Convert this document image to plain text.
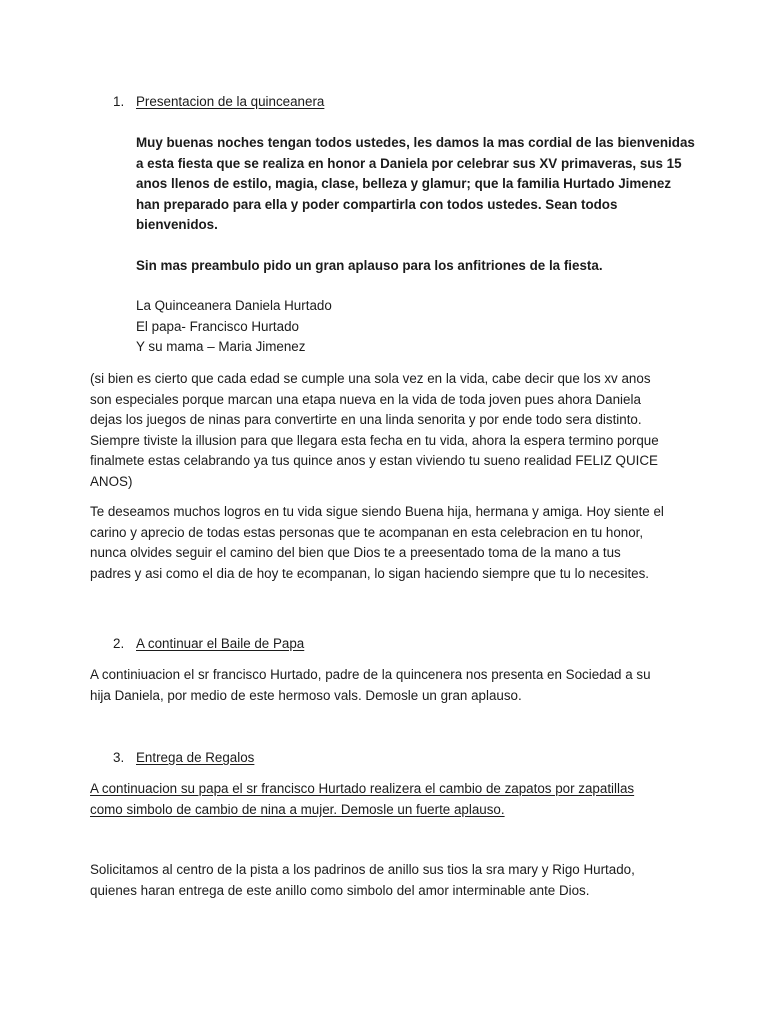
1. Presentacion de la quinceanera
Muy buenas noches tengan todos ustedes, les damos la mas cordial de las bienvenidas
a esta fiesta que se realiza en honor a Daniela por celebrar sus XV primaveras, sus 15
anos llenos de estilo, magia, clase, belleza y glamur; que la familia Hurtado Jimenez
han preparado para ella y poder compartirla con todos ustedes. Sean todos
bienvenidos.
Sin mas preambulo pido un gran aplauso para los anfitriones de la fiesta.
La Quinceanera Daniela Hurtado
El papa- Francisco Hurtado
Y su mama – Maria Jimenez
(si bien es cierto que cada edad se cumple una sola vez en la vida, cabe decir que los xv anos
son especiales porque marcan una etapa nueva en la vida de toda joven pues ahora Daniela
dejas los juegos de ninas para convertirte en una linda senorita y por ende todo sera distinto.
Siempre tiviste la illusion para que llegara esta fecha en tu vida, ahora la espera termino porque
finalmete estas celabrando ya tus quince anos y estan viviendo tu sueno realidad FELIZ QUICE
ANOS)
Te deseamos muchos logros en tu vida sigue siendo Buena hija, hermana y amiga. Hoy siente el
carino y aprecio de todas estas personas que te acompanan en esta celebracion en tu honor,
nunca olvides seguir el camino del bien que Dios te a preesentado toma de la mano a tus
padres y asi como el dia de hoy te ecompanan, lo sigan haciendo siempre que tu lo necesites.
2. A continuar el Baile de Papa
A continiuacion el sr francisco Hurtado, padre de la quincenera nos presenta en Sociedad a su
hija Daniela, por medio de este hermoso vals. Demosle un gran aplauso.
3. Entrega de Regalos
A continuacion su papa el sr francisco Hurtado realizera el cambio de zapatos por zapatillas
como simbolo de cambio de nina a mujer. Demosle un fuerte aplauso.
Solicitamos al centro de la pista a los padrinos de anillo sus tios la sra mary y Rigo Hurtado,
quienes haran entrega de este anillo como simbolo del amor interminable ante Dios.
